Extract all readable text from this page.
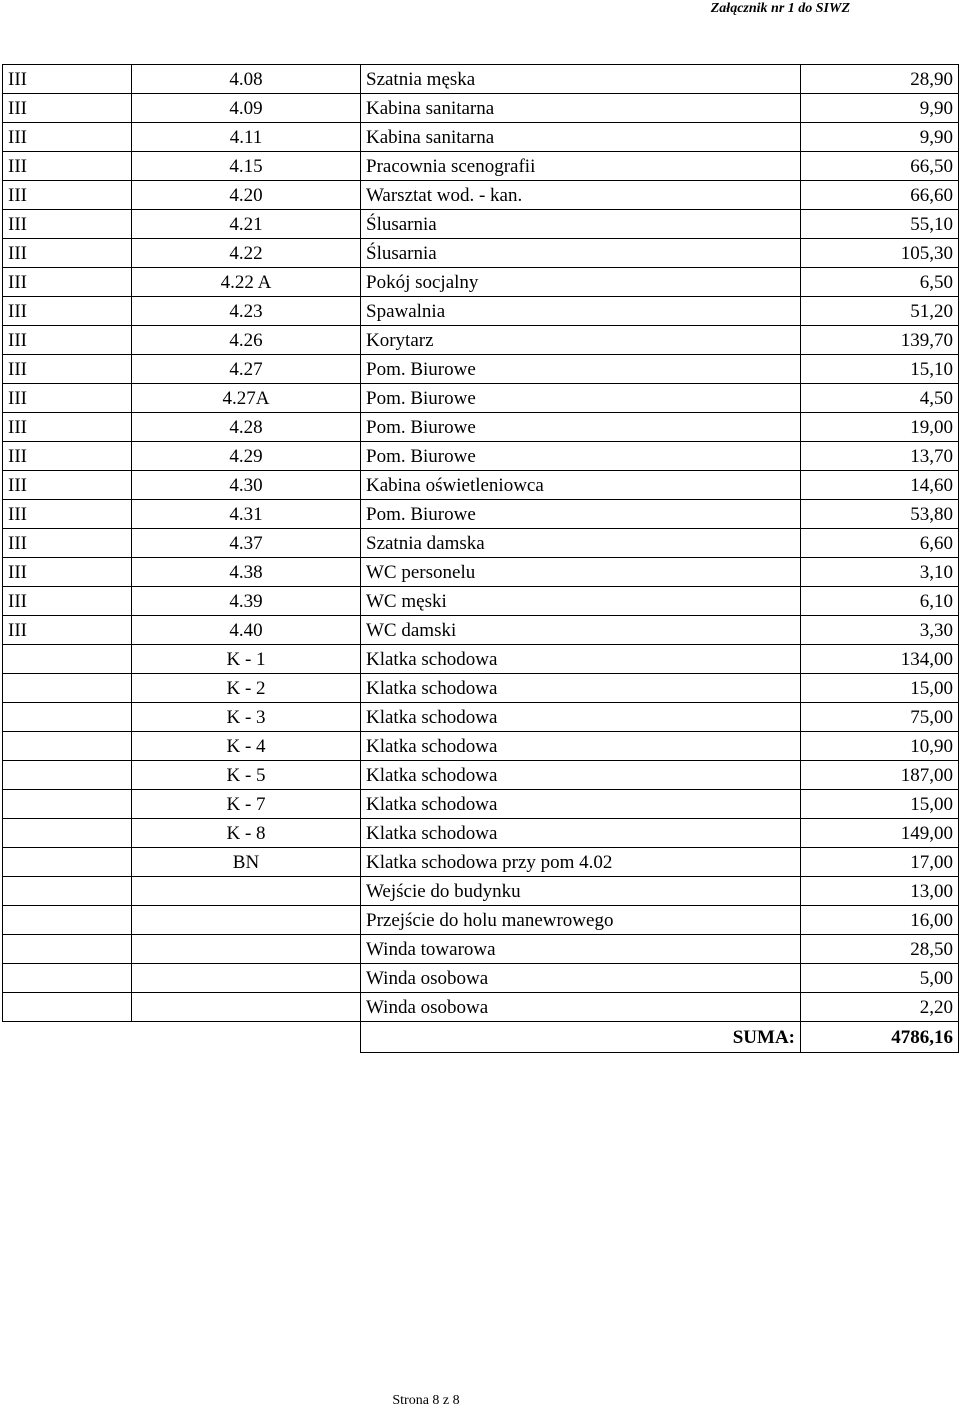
Załącznik nr 1 do SIWZ
III	4.08	Szatnia męska	28,90
III	4.09	Kabina sanitarna	9,90
III	4.11	Kabina sanitarna	9,90
III	4.15	Pracownia scenografii	66,50
III	4.20	Warsztat wod. - kan.	66,60
III	4.21	Ślusarnia	55,10
III	4.22	Ślusarnia	105,30
III	4.22 A	Pokój socjalny	6,50
III	4.23	Spawalnia	51,20
III	4.26	Korytarz	139,70
III	4.27	Pom. Biurowe	15,10
III	4.27A	Pom. Biurowe	4,50
III	4.28	Pom. Biurowe	19,00
III	4.29	Pom. Biurowe	13,70
III	4.30	Kabina oświetleniowca	14,60
III	4.31	Pom. Biurowe	53,80
III	4.37	Szatnia damska	6,60
III	4.38	WC personelu	3,10
III	4.39	WC męski	6,10
III	4.40	WC damski	3,30
	K - 1	Klatka schodowa	134,00
	K - 2	Klatka schodowa	15,00
	K - 3	Klatka schodowa	75,00
	K - 4	Klatka schodowa	10,90
	K - 5	Klatka schodowa	187,00
	K - 7	Klatka schodowa	15,00
	K - 8	Klatka schodowa	149,00
	BN	Klatka schodowa przy pom 4.02	17,00
		Wejście do budynku	13,00
		Przejście do holu manewrowego	16,00
		Winda towarowa	28,50
		Winda osobowa	5,00
		Winda osobowa	2,20
		SUMA:	4786,16
Strona 8 z 8
